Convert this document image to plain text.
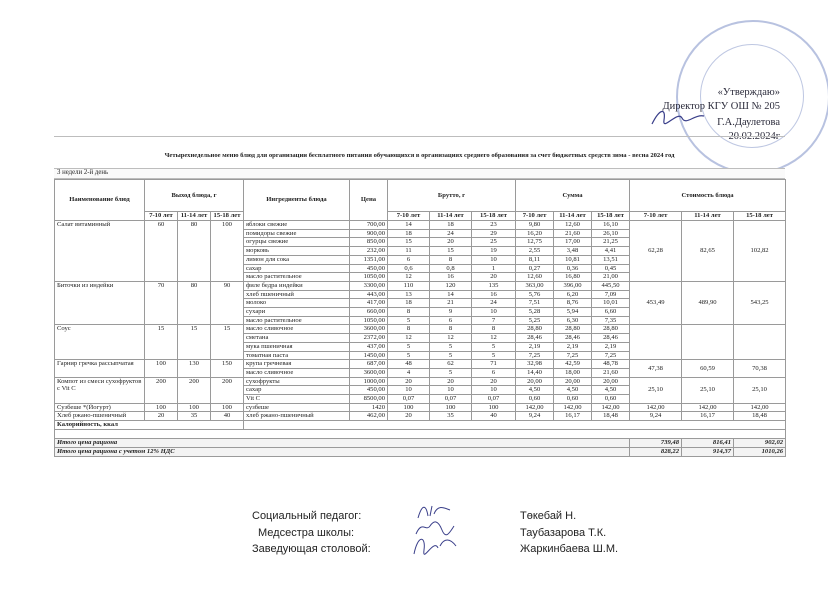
«Утверждаю»
Директор КГУ ОШ № 205
Г.А.Даулетова
20.02.2024г
Четырехнедельное меню блюд для организации бесплатного питания обучающихся в организациях среднего образования за счет бюджетных средств зима - весна 2024 год
3 недели 2-й день
Наименование блюд	Выход блюда, г			Ингредиенты блюда	Цена	Брутто, г			Сумма			Стоимость блюда		
	7-10 лет	11-14 лет	15-18 лет			7-10 лет	11-14 лет	15-18 лет	7-10 лет	11-14 лет	15-18 лет	7-10 лет	11-14 лет	15-18 лет
Салат витаминный	60	80	100	яблоки свежие	700,00	14	18	23	9,80	12,60	16,10	62,28	82,65	102,82
				помидоры свежие	900,00	18	24	29	16,20	21,60	26,10			
				огурцы свежие	850,00	15	20	25	12,75	17,00	21,25			
				морковь	232,00	11	15	19	2,55	3,48	4,41			
				лимон для сока	1351,00	6	8	10	8,11	10,81	13,51			
				сахар	450,00	0,6	0,8	1	0,27	0,36	0,45			
				масло растительное	1050,00	12	16	20	12,60	16,80	21,00			
Биточки из индейки	70	80	90	филе бедра индейки	3300,00	110	120	135	363,00	396,00	445,50	453,49	489,90	543,25
				хлеб пшеничный	443,00	13	14	16	5,76	6,20	7,09			
				молоко	417,00	18	21	24	7,51	8,76	10,01			
				сухари	660,00	8	9	10	5,28	5,94	6,60			
				масло растительное	1050,00	5	6	7	5,25	6,30	7,35			
Соус	15	15	15	масло сливочное	3600,00	8	8	8	28,80	28,80	28,80			
				сметана	2372,00	12	12	12	28,46	28,46	28,46			
				мука пшеничная	437,00	5	5	5	2,19	2,19	2,19			
				томатная паста	1450,00	5	5	5	7,25	7,25	7,25			
Гарнир гречка рассыпчатая	100	130	150	крупа гречневая	687,00	48	62	71	32,98	42,59	48,78	47,38	60,59	70,38
				масло сливочное	3600,00	4	5	6	14,40	18,00	21,60			
Компот из смеси сухофруктов с Vit C	200	200	200	сухофрукты	1000,00	20	20	20	20,00	20,00	20,00	25,10	25,10	25,10
				сахар	450,00	10	10	10	4,50	4,50	4,50			
				Vit C	8500,00	0,07	0,07	0,07	0,60	0,60	0,60			
Сузбеше *(Йогурт)	100	100	100	сузбеше	1420	100	100	100	142,00	142,00	142,00	142,00	142,00	142,00
Хлеб ржано-пшеничный	20	35	40	хлеб ржано-пшеничный	462,00	20	35	40	9,24	16,17	18,48	9,24	16,17	18,48
Калорийность, ккал														

Итого цена рациона												739,48	816,41	902,02
Итого цена рациона с учетом 12% НДС												828,22	914,37	1010,26
Социальный педагог:
Медсестра школы:
Заведующая столовой:
Төкебай Н.
Таубазарова Т.К.
Жаркинбаева Ш.М.
